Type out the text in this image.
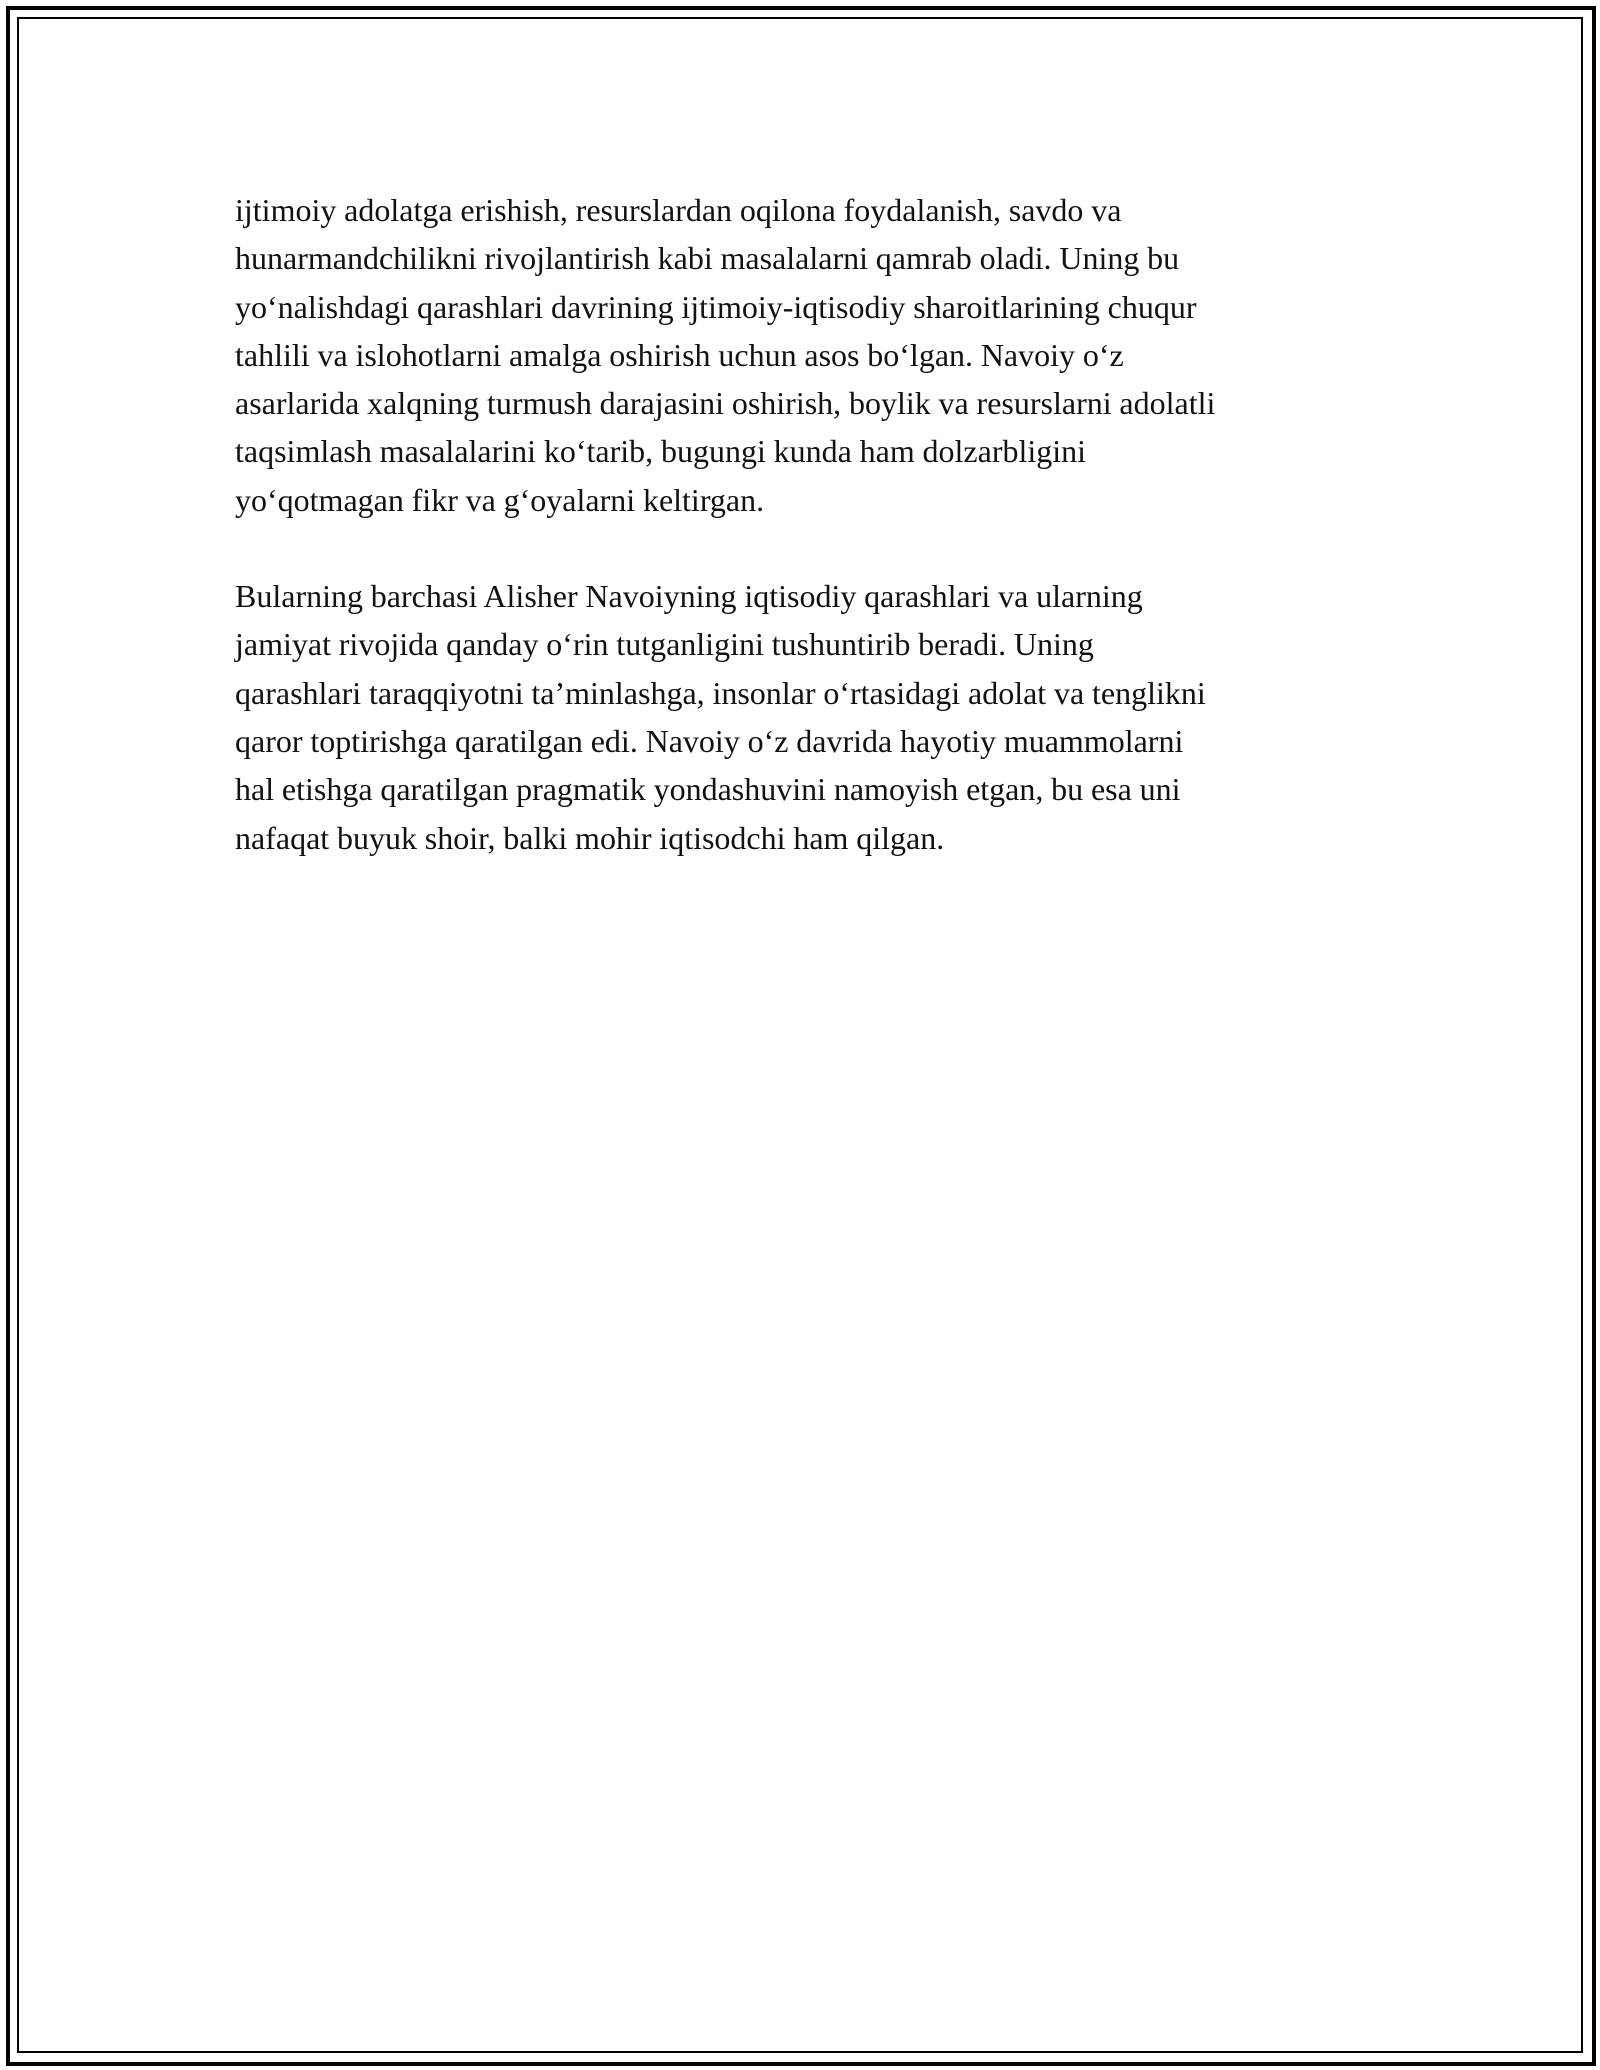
ijtimoiy adolatga erishish, resurslardan oqilona foydalanish, savdo va
hunarmandchilikni rivojlantirish kabi masalalarni qamrab oladi. Uning bu
yo‘nalishdagi qarashlari davrining ijtimoiy-iqtisodiy sharoitlarining chuqur
tahlili va islohotlarni amalga oshirish uchun asos bo‘lgan. Navoiy o‘z
asarlarida xalqning turmush darajasini oshirish, boylik va resurslarni adolatli
taqsimlash masalalarini ko‘tarib, bugungi kunda ham dolzarbligini
yo‘qotmagan fikr va g‘oyalarni keltirgan.

Bularning barchasi Alisher Navoiyning iqtisodiy qarashlari va ularning
jamiyat rivojida qanday o‘rin tutganligini tushuntirib beradi. Uning
qarashlari taraqqiyotni ta’minlashga, insonlar o‘rtasidagi adolat va tenglikni
qaror toptirishga qaratilgan edi. Navoiy o‘z davrida hayotiy muammolarni
hal etishga qaratilgan pragmatik yondashuvini namoyish etgan, bu esa uni
nafaqat buyuk shoir, balki mohir iqtisodchi ham qilgan.
